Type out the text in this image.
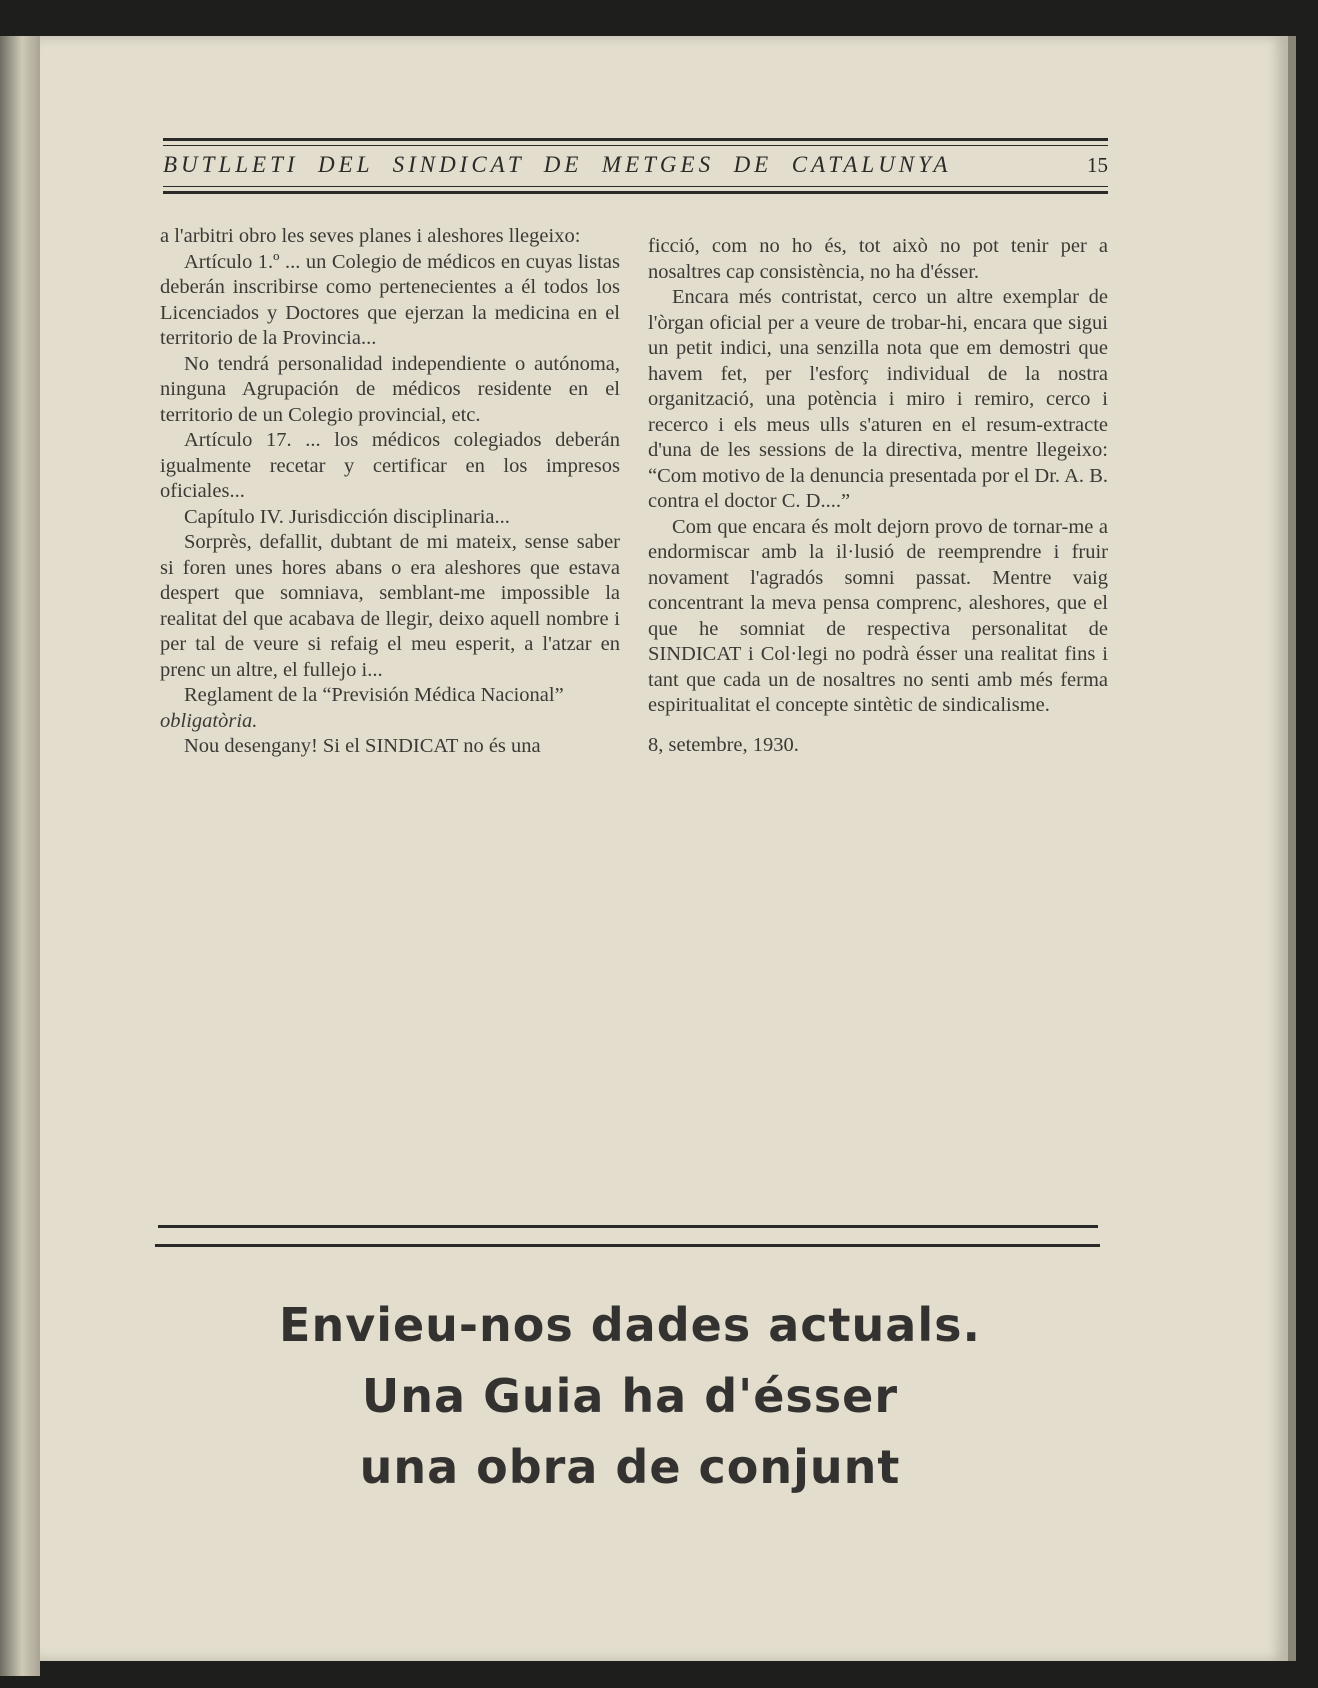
BUTLLETI  DEL  SINDICAT  DE  METGES  DE  CATALUNYA	15

a l'arbitri obro les seves planes i aleshores llegeixo:

Artículo 1.º ... un Colegio de médicos en cuyas listas deberán inscribirse como pertenecientes a él todos los Licenciados y Doctores que ejerzan la medicina en el territorio de la Provincia...

No tendrá personalidad independiente o autónoma, ninguna Agrupación de médicos residente en el territorio de un Colegio provincial, etc.

Artículo 17. ... los médicos colegiados deberán igualmente recetar y certificar en los impresos oficiales...

Capítulo IV. Jurisdicción disciplinaria...

Sorprès, defallit, dubtant de mi mateix, sense saber si foren unes hores abans o era aleshores que estava despert que somniava, semblant-me impossible la realitat del que acabava de llegir, deixo aquell nombre i per tal de veure si refaig el meu esperit, a l'atzar en prenc un altre, el fullejo i...

Reglament de la “Previsión Médica Nacional”

obligatòria.

Nou desengany! Si el SINDICAT no és una

ficció, com no ho és, tot això no pot tenir per a nosaltres cap consistència, no ha d'ésser.

Encara més contristat, cerco un altre exemplar de l'òrgan oficial per a veure de trobar-hi, encara que sigui un petit indici, una senzilla nota que em demostri que havem fet, per l'esforç individual de la nostra organització, una potència i miro i remiro, cerco i recerco i els meus ulls s'aturen en el resum-extracte d'una de les sessions de la directiva, mentre llegeixo: “Com motivo de la denuncia presentada por el Dr. A. B. contra el doctor C. D....”

Com que encara és molt dejorn provo de tornar-me a endormiscar amb la il·lusió de reemprendre i fruir novament l'agradós somni passat. Mentre vaig concentrant la meva pensa comprenc, aleshores, que el que he somniat de respectiva personalitat de SINDICAT i Col·legi no podrà ésser una realitat fins i tant que cada un de nosaltres no senti amb més ferma espiritualitat el concepte sintètic de sindicalisme.

8, setembre, 1930.

Envieu-nos dades actuals.
Una Guia ha d'ésser
una obra de conjunt
